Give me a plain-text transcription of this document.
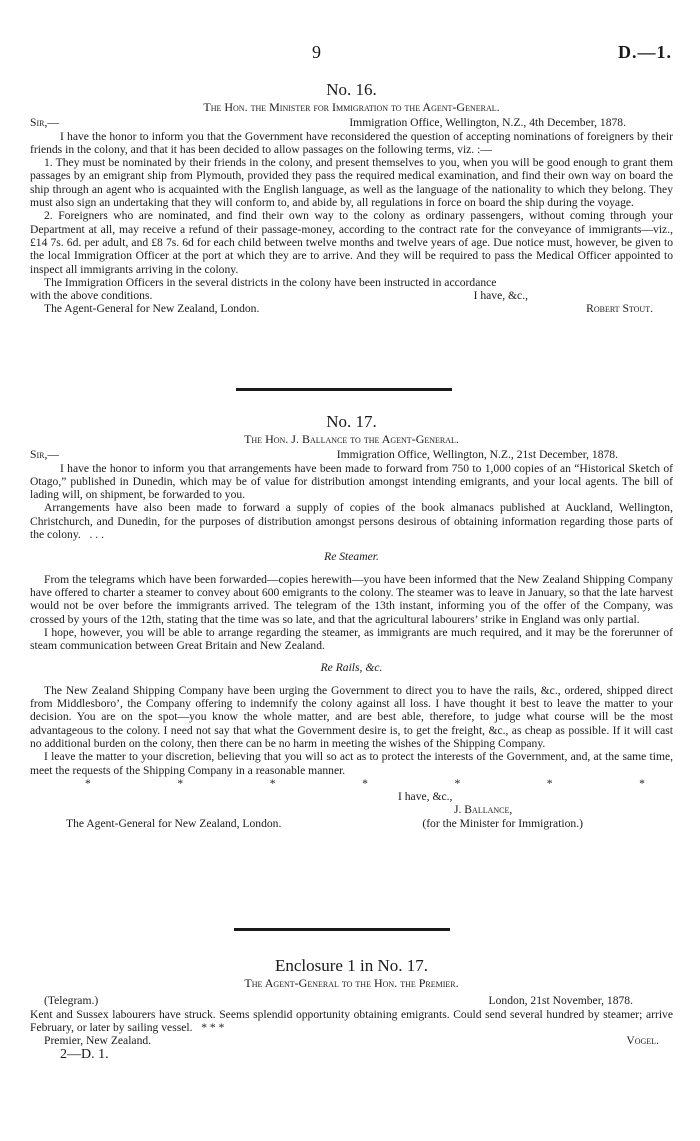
9	D.—1.
No. 16.
The Hon. the Minister for Immigration to the Agent-General.
Sir,—	Immigration Office, Wellington, N.Z., 4th December, 1878.

I have the honor to inform you that the Government have reconsidered the question of accepting nominations of foreigners by their friends in the colony, and that it has been decided to allow passages on the following terms, viz. :—

1. They must be nominated by their friends in the colony, and present themselves to you, when you will be good enough to grant them passages by an emigrant ship from Plymouth, provided they pass the required medical examination, and find their own way on board the ship through an agent who is acquainted with the English language, as well as the language of the nationality to which they belong. They must also sign an undertaking that they will conform to, and abide by, all regulations in force on board the ship during the voyage.

2. Foreigners who are nominated, and find their own way to the colony as ordinary passengers, without coming through your Department at all, may receive a refund of their passage-money, according to the contract rate for the conveyance of immigrants—viz., £14 7s. 6d. per adult, and £8 7s. 6d for each child between twelve months and twelve years of age. Due notice must, however, be given to the local Immigration Officer at the port at which they are to arrive. And they will be required to pass the Medical Officer appointed to inspect all immigrants arriving in the colony.

The Immigration Officers in the several districts in the colony have been instructed in accordance

with the above conditions.	I have, &c.,
The Agent-General for New Zealand, London.	Robert Stout.
No. 17.
The Hon. J. Ballance to the Agent-General.
Sir,—	Immigration Office, Wellington, N.Z., 21st December, 1878.

I have the honor to inform you that arrangements have been made to forward from 750 to 1,000 copies of an “Historical Sketch of Otago,” published in Dunedin, which may be of value for distribution amongst intending emigrants, and your local agents. The bill of lading will, on shipment, be forwarded to you.

Arrangements have also been made to forward a supply of copies of the book almanacs published at Auckland, Wellington, Christchurch, and Dunedin, for the purposes of distribution amongst persons desirous of obtaining information regarding those parts of the colony. . . .

Re Steamer.

From the telegrams which have been forwarded—copies herewith—you have been informed that the New Zealand Shipping Company have offered to charter a steamer to convey about 600 emigrants to the colony. The steamer was to leave in January, so that the late harvest would not be over before the immigrants arrived. The telegram of the 13th instant, informing you of the offer of the Company, was crossed by yours of the 12th, stating that the time was so late, and that the agricultural labourers’ strike in England was only partial.

I hope, however, you will be able to arrange regarding the steamer, as immigrants are much required, and it may be the forerunner of steam communication between Great Britain and New Zealand.

Re Rails, &c.

The New Zealand Shipping Company have been urging the Government to direct you to have the rails, &c., ordered, shipped direct from Middlesboro’, the Company offering to indemnify the colony against all loss. I have thought it best to leave the matter to your decision. You are on the spot—you know the whole matter, and are best able, therefore, to judge what course will be the most advantageous to the colony. I need not say that what the Government desire is, to get the freight, &c., as cheap as possible. If it will cast no additional burden on the colony, then there can be no harm in meeting the wishes of the Shipping Company.

I leave the matter to your discretion, believing that you will so act as to protect the interests of the Government, and, at the same time, meet the requests of the Shipping Company in a reasonable manner.

*	*	*	*	*	*	*
I have, &c.,
J. Ballance,
The Agent-General for New Zealand, London.	(for the Minister for Immigration.)
Enclosure 1 in No. 17.
The Agent-General to the Hon. the Premier.
(Telegram.)	London, 21st November, 1878.

Kent and Sussex labourers have struck. Seems splendid opportunity obtaining emigrants. Could send several hundred by steamer; arrive February, or later by sailing vessel. * * *

Premier, New Zealand.	Vogel.
2—D. 1.
